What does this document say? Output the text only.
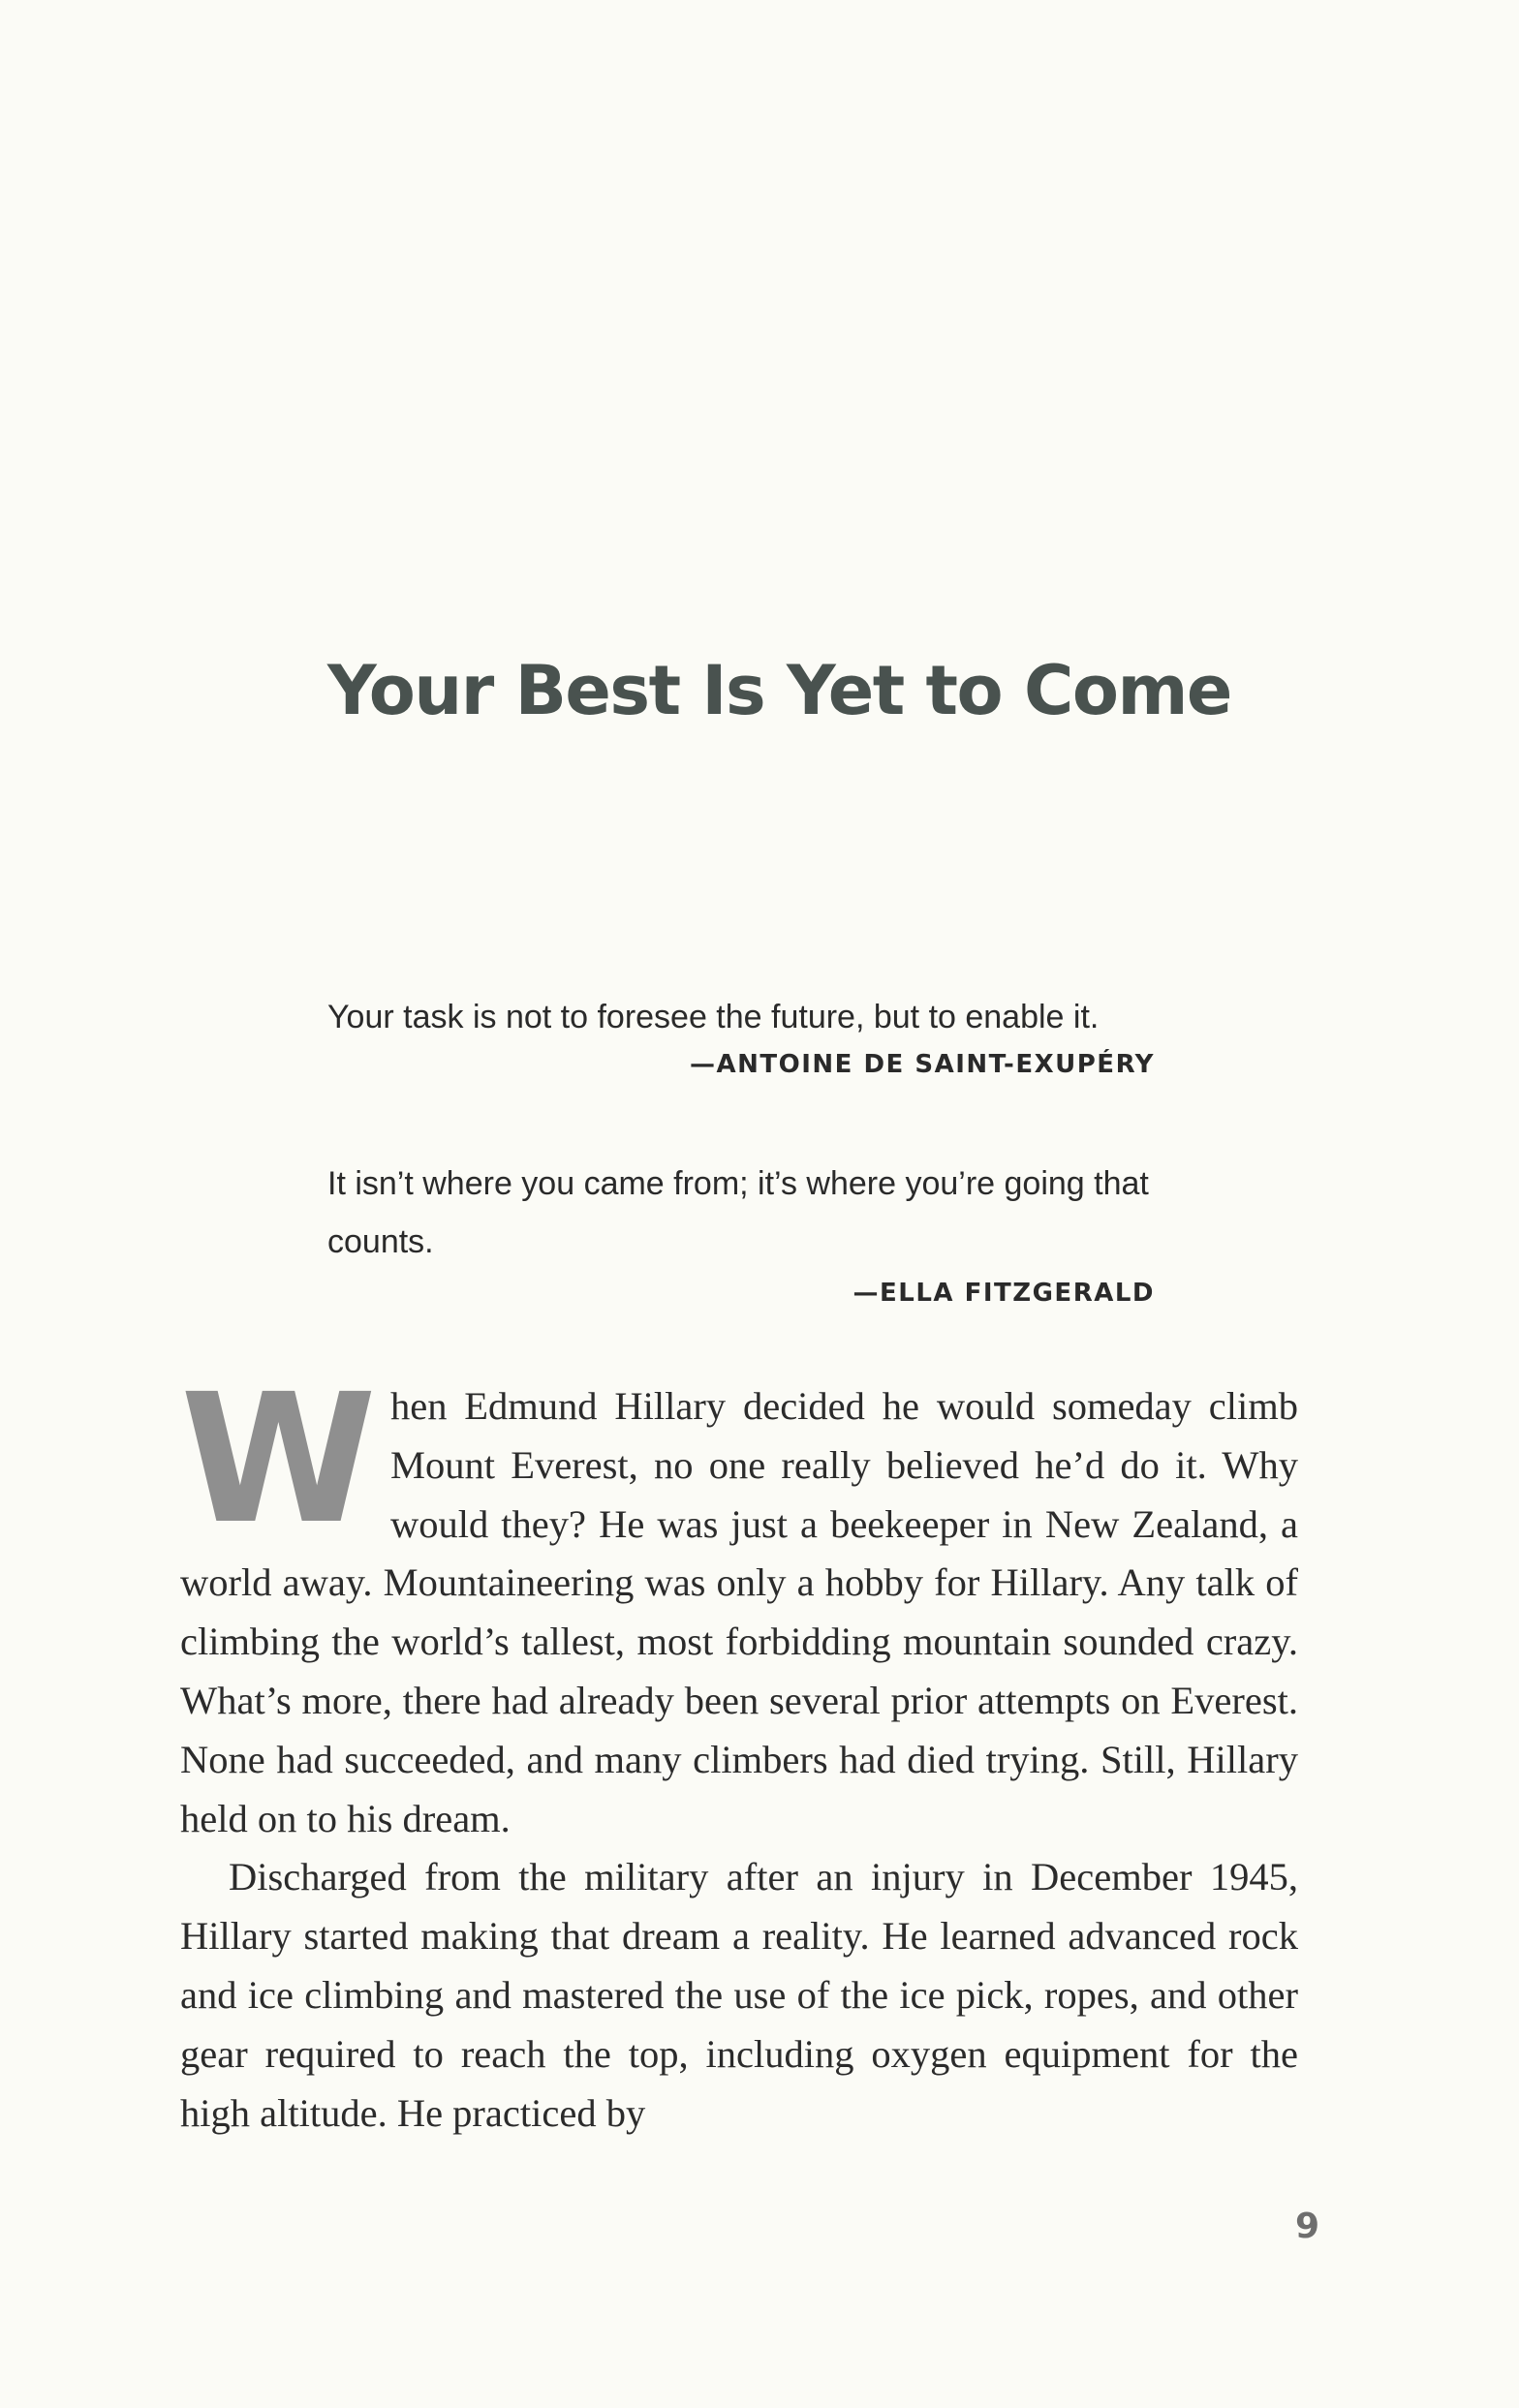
Your Best Is Yet to Come

Your task is not to foresee the future, but to enable it.

—ANTOINE DE SAINT-EXUPÉRY

It isn’t where you came from; it’s where you’re going that counts.

—ELLA FITZGERALD

When Edmund Hillary decided he would someday climb Mount Everest, no one really believed he’d do it. Why would they? He was just a beekeeper in New Zealand, a world away. Mountaineering was only a hobby for Hillary. Any talk of climbing the world’s tallest, most forbidding mountain sounded crazy. What’s more, there had already been several prior attempts on Everest. None had succeeded, and many climbers had died trying. Still, Hillary held on to his dream.

Discharged from the military after an injury in December 1945, Hillary started making that dream a reality. He learned advanced rock and ice climbing and mastered the use of the ice pick, ropes, and other gear required to reach the top, including oxygen equipment for the high altitude. He practiced by

9
